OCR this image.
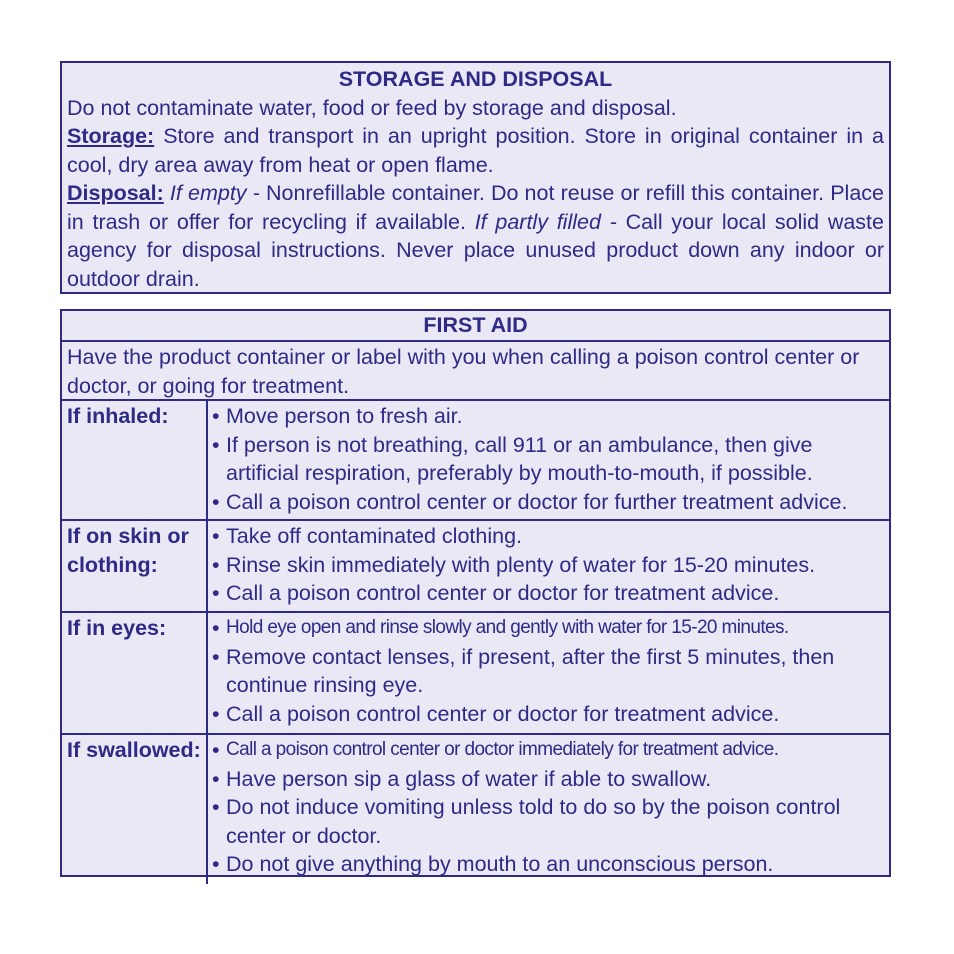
STORAGE AND DISPOSAL

Do not contaminate water, food or feed by storage and disposal.

Storage: Store and transport in an upright position. Store in original container in a cool, dry area away from heat or open flame.

Disposal: If empty - Nonrefillable container. Do not reuse or refill this container. Place in trash or offer for recycling if available. If partly filled - Call your local solid waste agency for disposal instructions. Never place unused product down any indoor or outdoor drain.

FIRST AID
Have the product container or label with you when calling a poison control center or doctor, or going for treatment.
If inhaled:	• Move person to fresh air.
• If person is not breathing, call 911 or an ambulance, then give artificial respiration, preferably by mouth-to-mouth, if possible.
• Call a poison control center or doctor for further treatment advice.
If on skin or clothing:
• Take off contaminated clothing.
• Rinse skin immediately with plenty of water for 15-20 minutes.
• Call a poison control center or doctor for treatment advice.
If in eyes:	• Hold eye open and rinse slowly and gently with water for 15-20 minutes.
• Remove contact lenses, if present, after the first 5 minutes, then continue rinsing eye.
• Call a poison control center or doctor for treatment advice.
If swallowed: • Call a poison control center or doctor immediately for treatment advice.
• Have person sip a glass of water if able to swallow.
• Do not induce vomiting unless told to do so by the poison control center or doctor.
• Do not give anything by mouth to an unconscious person.
